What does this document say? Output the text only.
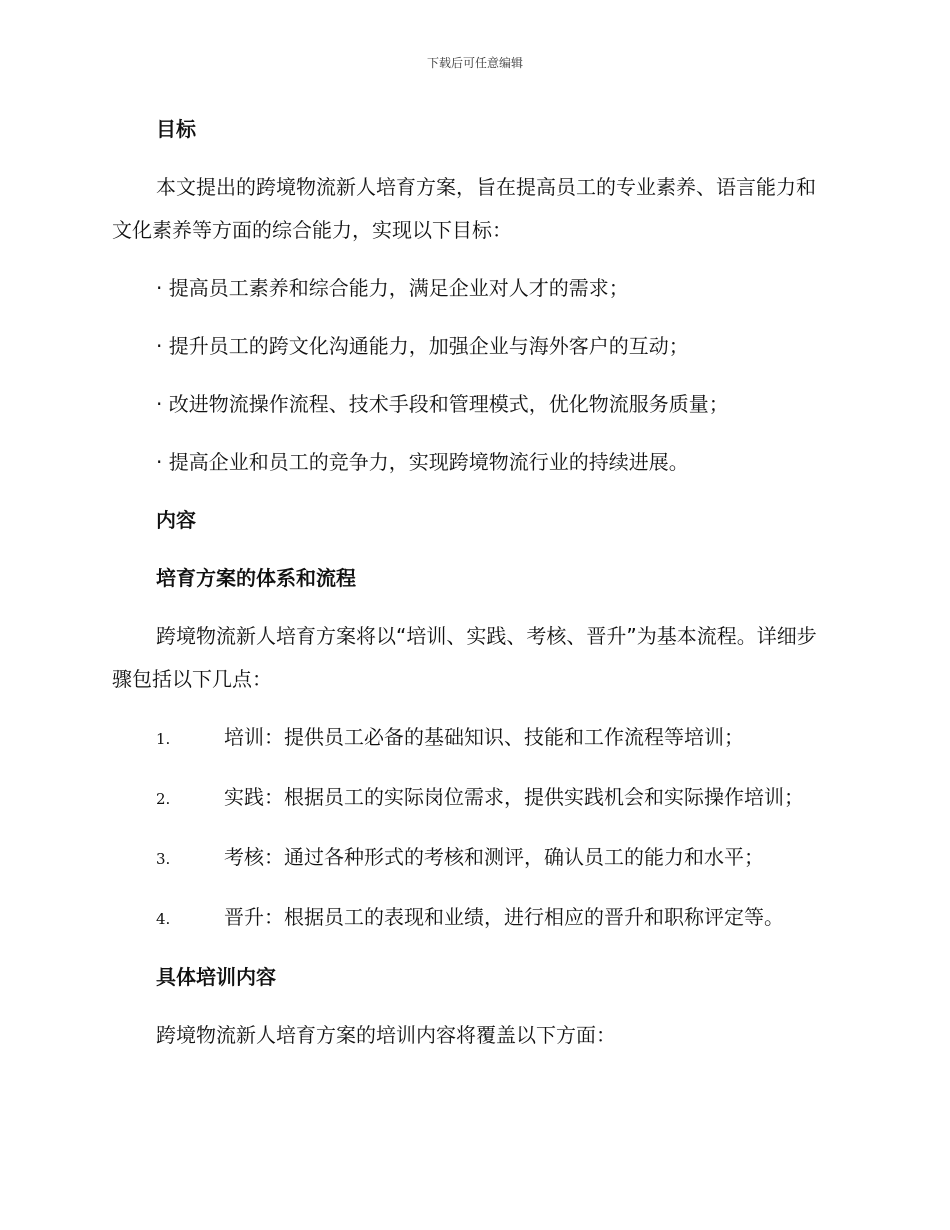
下载后可任意编辑
目标
本文提出的跨境物流新人培育方案，旨在提高员工的专业素养、语言能力和文化素养等方面的综合能力，实现以下目标：
· 提高员工素养和综合能力，满足企业对人才的需求；
· 提升员工的跨文化沟通能力，加强企业与海外客户的互动；
· 改进物流操作流程、技术手段和管理模式，优化物流服务质量；
· 提高企业和员工的竞争力，实现跨境物流行业的持续进展。
内容
培育方案的体系和流程
跨境物流新人培育方案将以“培训、实践、考核、晋升”为基本流程。详细步骤包括以下几点：
1.	培训：提供员工必备的基础知识、技能和工作流程等培训；
2.	实践：根据员工的实际岗位需求，提供实践机会和实际操作培训；
3.	考核：通过各种形式的考核和测评，确认员工的能力和水平；
4.	晋升：根据员工的表现和业绩，进行相应的晋升和职称评定等。
具体培训内容
跨境物流新人培育方案的培训内容将覆盖以下方面：
